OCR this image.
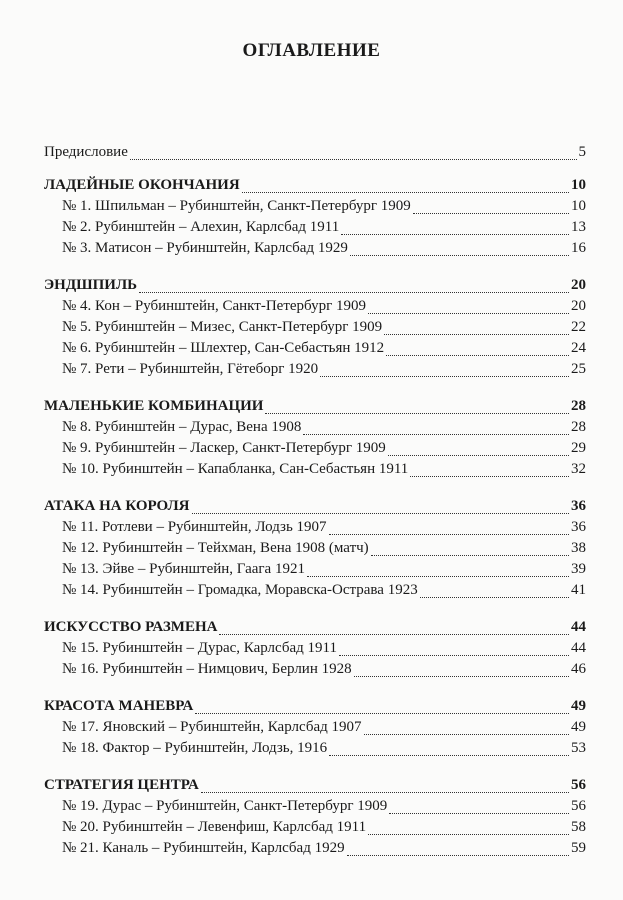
ОГЛАВЛЕНИЕ
Предисловие	5
ЛАДЕЙНЫЕ ОКОНЧАНИЯ	10
№ 1. Шпильман – Рубинштейн, Санкт-Петербург 1909	10
№ 2. Рубинштейн – Алехин, Карлсбад 1911	13
№ 3. Матисон – Рубинштейн, Карлсбад 1929	16
ЭНДШПИЛЬ	20
№ 4. Кон – Рубинштейн, Санкт-Петербург 1909	20
№ 5. Рубинштейн – Мизес, Санкт-Петербург 1909	22
№ 6. Рубинштейн – Шлехтер, Сан-Себастьян 1912	24
№ 7. Рети – Рубинштейн, Гётеборг 1920	25
МАЛЕНЬКИЕ КОМБИНАЦИИ	28
№ 8. Рубинштейн – Дурас, Вена 1908	28
№ 9. Рубинштейн – Ласкер, Санкт-Петербург 1909	29
№ 10. Рубинштейн – Капабланка, Сан-Себастьян 1911	32
АТАКА НА КОРОЛЯ	36
№ 11. Ротлеви – Рубинштейн, Лодзь 1907	36
№ 12. Рубинштейн – Тейхман, Вена 1908 (матч)	38
№ 13. Эйве – Рубинштейн, Гаага 1921	39
№ 14. Рубинштейн – Громадка, Моравска-Острава 1923	41
ИСКУССТВО РАЗМЕНА	44
№ 15. Рубинштейн – Дурас, Карлсбад 1911	44
№ 16. Рубинштейн – Нимцович, Берлин 1928	46
КРАСОТА МАНЕВРА	49
№ 17. Яновский – Рубинштейн, Карлсбад 1907	49
№ 18. Фактор – Рубинштейн, Лодзь, 1916	53
СТРАТЕГИЯ ЦЕНТРА	56
№ 19. Дурас – Рубинштейн, Санкт-Петербург 1909	56
№ 20. Рубинштейн – Левенфиш, Карлсбад 1911	58
№ 21. Каналь – Рубинштейн, Карлсбад 1929	59
